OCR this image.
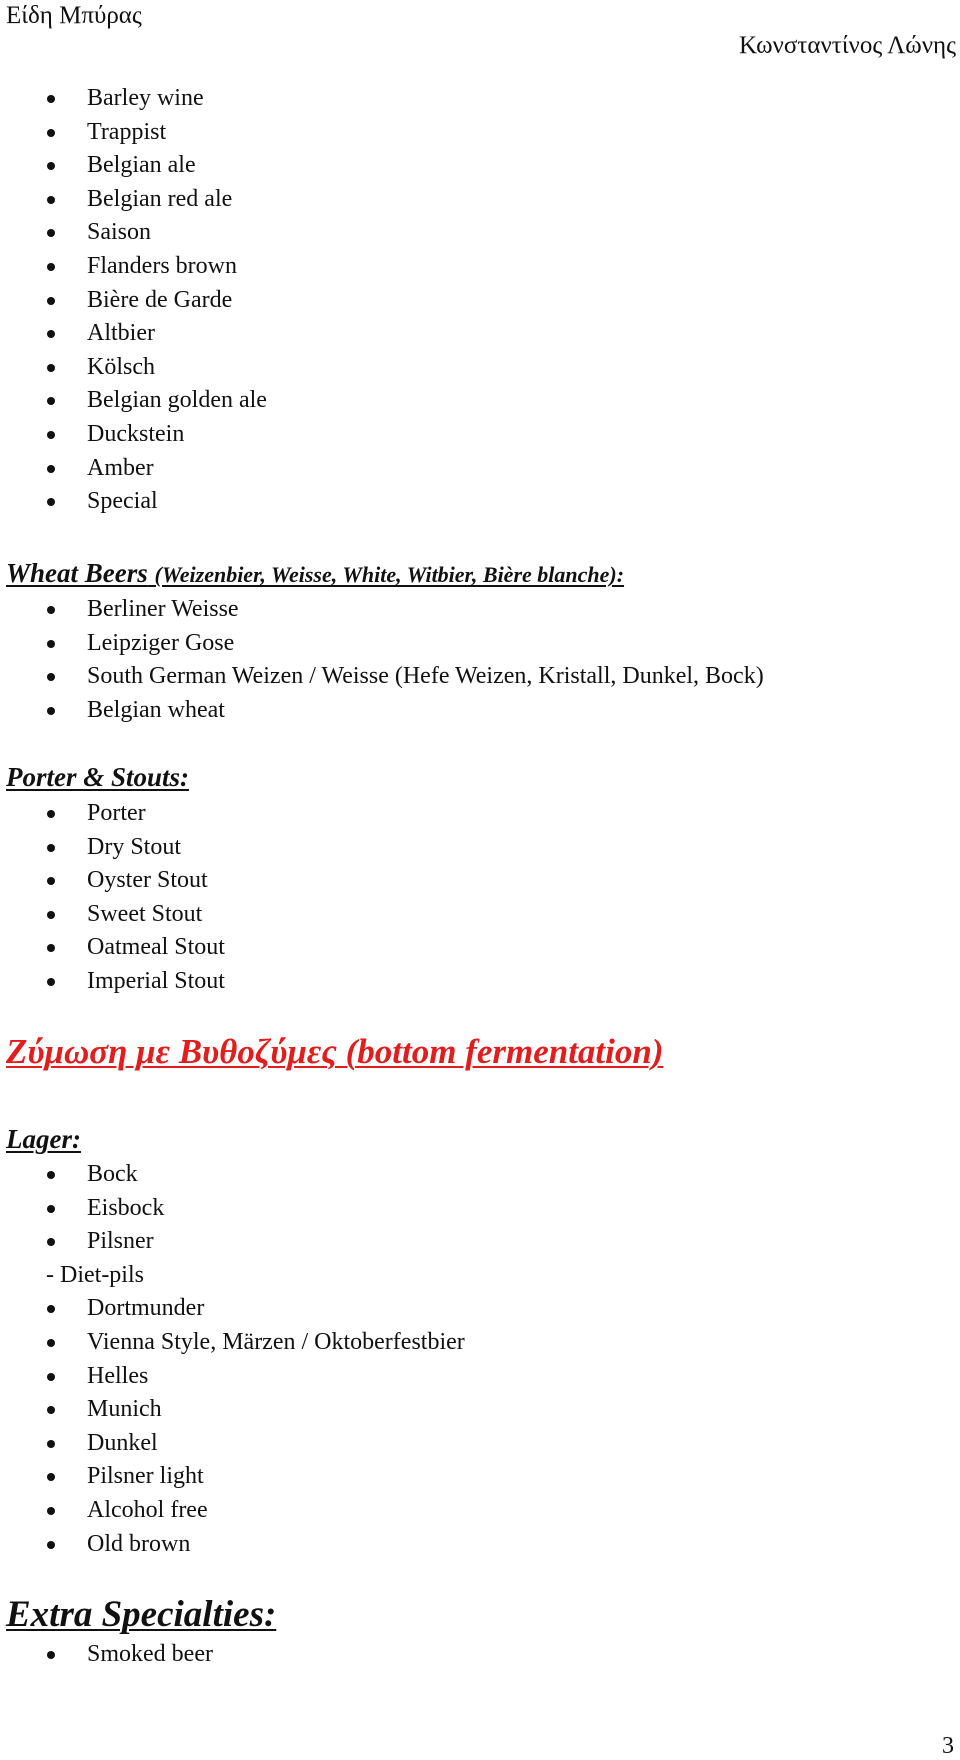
Είδη Μπύρας
Κωνσταντίνος Λώνης
Barley wine
Trappist
Belgian ale
Belgian red ale
Saison
Flanders brown
Bière de Garde
Altbier
Kölsch
Belgian golden ale
Duckstein
Amber
Special
Wheat Beers (Weizenbier, Weisse, White, Witbier, Bière blanche):
Berliner Weisse
Leipziger Gose
South German Weizen / Weisse (Hefe Weizen, Kristall, Dunkel, Bock)
Belgian wheat
Porter & Stouts:
Porter
Dry Stout
Oyster Stout
Sweet Stout
Oatmeal Stout
Imperial Stout
Ζύμωση με Βυθοζύμες (bottom fermentation)
Lager:
Bock
Eisbock
Pilsner
- Diet-pils
Dortmunder
Vienna Style, Märzen / Oktoberfestbier
Helles
Munich
Dunkel
Pilsner light
Alcohol free
Old brown
Extra Specialties:
Smoked beer
3
